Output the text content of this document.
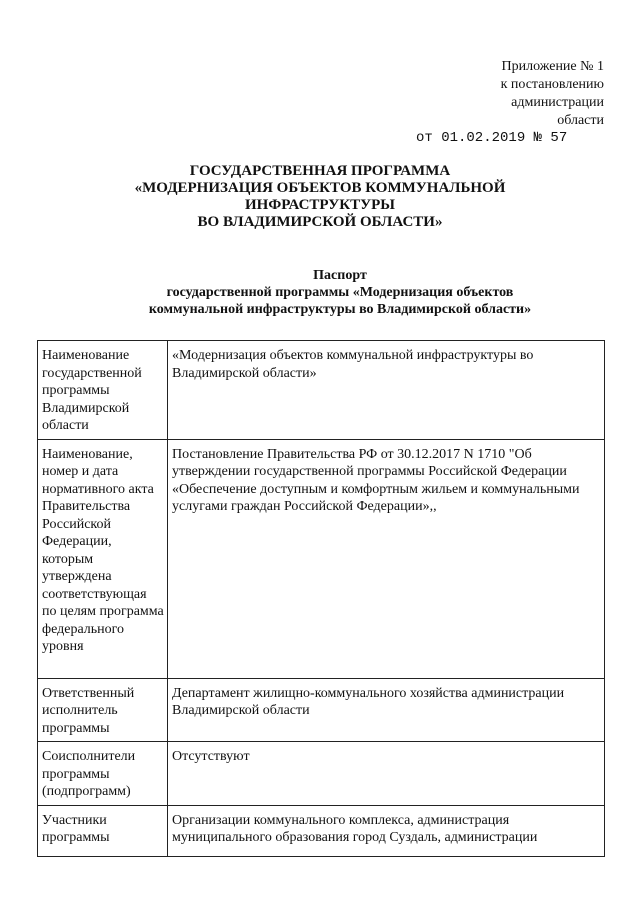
Приложение № 1
к постановлению
администрации
области
от 01.02.2019 № 57
ГОСУДАРСТВЕННАЯ ПРОГРАММА
«МОДЕРНИЗАЦИЯ ОБЪЕКТОВ КОММУНАЛЬНОЙ
ИНФРАСТРУКТУРЫ
ВО ВЛАДИМИРСКОЙ ОБЛАСТИ»
Паспорт
государственной программы «Модернизация объектов
коммунальной инфраструктуры во Владимирской области»
Наименование государственной программы Владимирской области	«Модернизация объектов коммунальной инфраструктуры во Владимирской области»
Наименование, номер и дата нормативного акта Правительства Российской Федерации, которым утверждена соответствующая по целям программа федерального уровня	Постановление Правительства РФ от 30.12.2017 N 1710 "Об утверждении государственной программы Российской Федерации «Обеспечение доступным и комфортным жильем и коммунальными услугами граждан Российской Федерации»,,
Ответственный исполнитель программы	Департамент жилищно-коммунального хозяйства администрации Владимирской области
Соисполнители программы (подпрограмм)	Отсутствуют
Участники программы	Организации коммунального комплекса, администрация муниципального образования город Суздаль, администрации
